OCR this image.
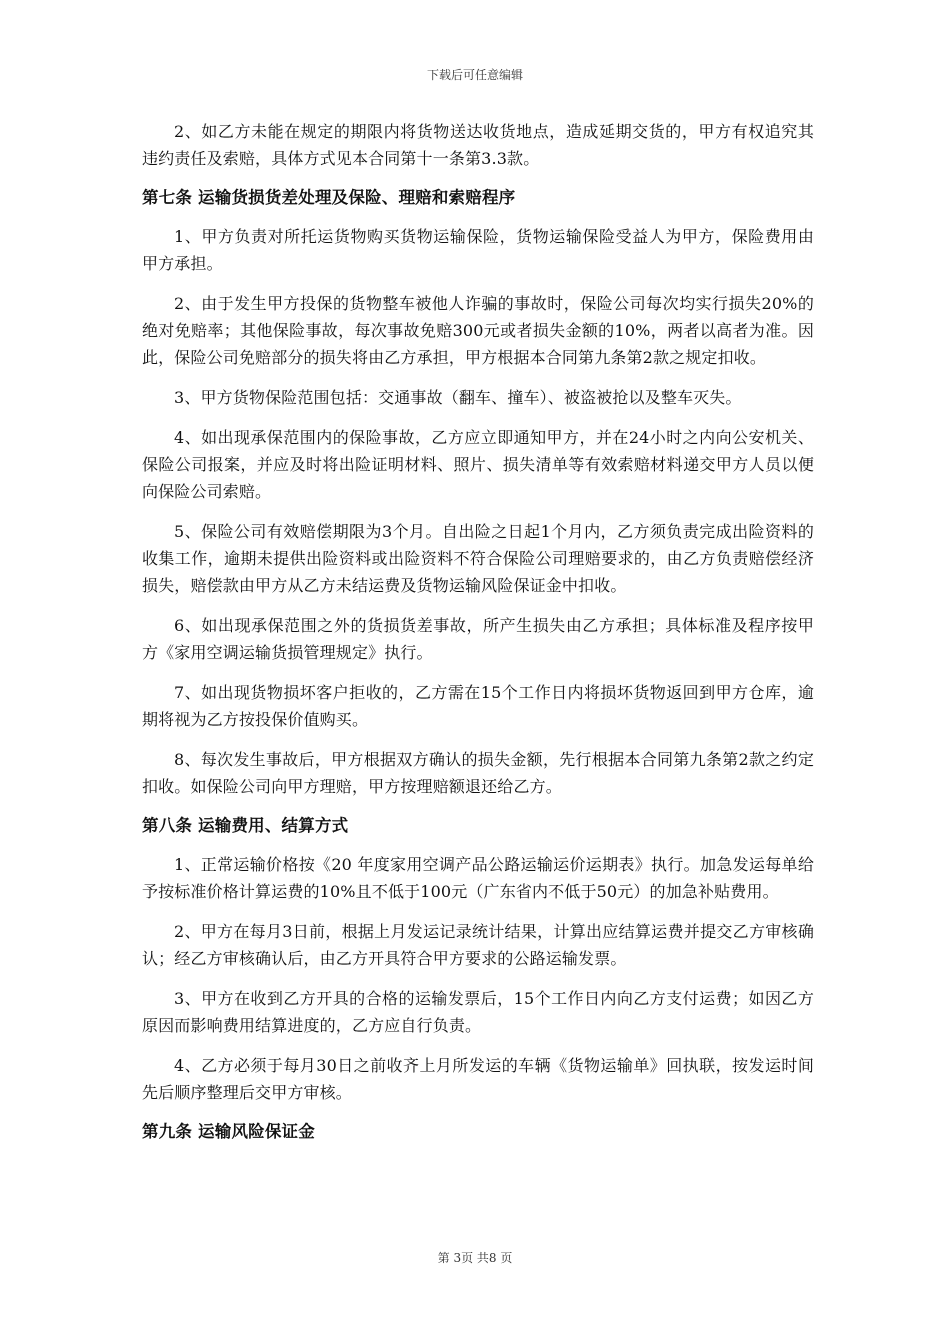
下载后可任意编辑

2、如乙方未能在规定的期限内将货物送达收货地点，造成延期交货的，甲方有权追究其违约责任及索赔，具体方式见本合同第十一条第3.3款。

第七条 运输货损货差处理及保险、理赔和索赔程序

1、甲方负责对所托运货物购买货物运输保险，货物运输保险受益人为甲方，保险费用由甲方承担。

2、由于发生甲方投保的货物整车被他人诈骗的事故时，保险公司每次均实行损失20%的绝对免赔率；其他保险事故，每次事故免赔300元或者损失金额的10%，两者以高者为准。因此，保险公司免赔部分的损失将由乙方承担，甲方根据本合同第九条第2款之规定扣收。

3、甲方货物保险范围包括：交通事故（翻车、撞车）、被盗被抢以及整车灭失。

4、如出现承保范围内的保险事故，乙方应立即通知甲方，并在24小时之内向公安机关、保险公司报案，并应及时将出险证明材料、照片、损失清单等有效索赔材料递交甲方人员以便向保险公司索赔。

5、保险公司有效赔偿期限为3个月。自出险之日起1个月内，乙方须负责完成出险资料的收集工作，逾期未提供出险资料或出险资料不符合保险公司理赔要求的，由乙方负责赔偿经济损失，赔偿款由甲方从乙方未结运费及货物运输风险保证金中扣收。

6、如出现承保范围之外的货损货差事故，所产生损失由乙方承担；具体标准及程序按甲方《家用空调运输货损管理规定》执行。

7、如出现货物损坏客户拒收的，乙方需在15个工作日内将损坏货物返回到甲方仓库，逾期将视为乙方按投保价值购买。

8、每次发生事故后，甲方根据双方确认的损失金额，先行根据本合同第九条第2款之约定扣收。如保险公司向甲方理赔，甲方按理赔额退还给乙方。

第八条 运输费用、结算方式

1、正常运输价格按《20 年度家用空调产品公路运输运价运期表》执行。加急发运每单给予按标准价格计算运费的10%且不低于100元（广东省内不低于50元）的加急补贴费用。

2、甲方在每月3日前，根据上月发运记录统计结果，计算出应结算运费并提交乙方审核确认；经乙方审核确认后，由乙方开具符合甲方要求的公路运输发票。

3、甲方在收到乙方开具的合格的运输发票后，15个工作日内向乙方支付运费；如因乙方原因而影响费用结算进度的，乙方应自行负责。

4、乙方必须于每月30日之前收齐上月所发运的车辆《货物运输单》回执联，按发运时间先后顺序整理后交甲方审核。

第九条 运输风险保证金
第 3页 共8 页
